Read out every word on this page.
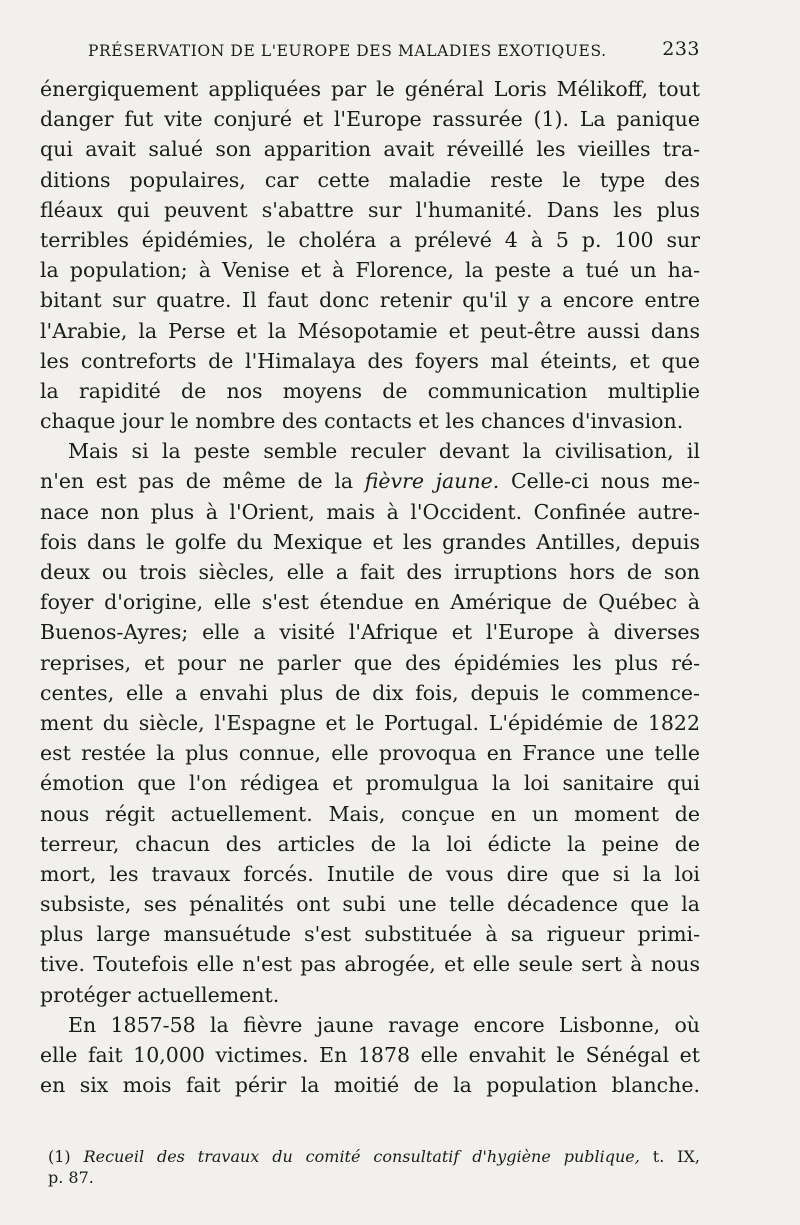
PRÉSERVATION DE L'EUROPE DES MALADIES EXOTIQUES.	233
énergiquement appliquées par le général Loris Mélikoff, tout
danger fut vite conjuré et l'Europe rassurée (1). La panique
qui avait salué son apparition avait réveillé les vieilles tra-
ditions populaires, car cette maladie reste le type des
fléaux qui peuvent s'abattre sur l'humanité. Dans les plus
terribles épidémies, le choléra a prélevé 4 à 5 p. 100 sur
la population; à Venise et à Florence, la peste a tué un ha-
bitant sur quatre. Il faut donc retenir qu'il y a encore entre
l'Arabie, la Perse et la Mésopotamie et peut-être aussi dans
les contreforts de l'Himalaya des foyers mal éteints, et que
la rapidité de nos moyens de communication multiplie
chaque jour le nombre des contacts et les chances d'invasion.
Mais si la peste semble reculer devant la civilisation, il
n'en est pas de même de la fièvre jaune. Celle-ci nous me-
nace non plus à l'Orient, mais à l'Occident. Confinée autre-
fois dans le golfe du Mexique et les grandes Antilles, depuis
deux ou trois siècles, elle a fait des irruptions hors de son
foyer d'origine, elle s'est étendue en Amérique de Québec à
Buenos-Ayres; elle a visité l'Afrique et l'Europe à diverses
reprises, et pour ne parler que des épidémies les plus ré-
centes, elle a envahi plus de dix fois, depuis le commence-
ment du siècle, l'Espagne et le Portugal. L'épidémie de 1822
est restée la plus connue, elle provoqua en France une telle
émotion que l'on rédigea et promulgua la loi sanitaire qui
nous régit actuellement. Mais, conçue en un moment de
terreur, chacun des articles de la loi édicte la peine de
mort, les travaux forcés. Inutile de vous dire que si la loi
subsiste, ses pénalités ont subi une telle décadence que la
plus large mansuétude s'est substituée à sa rigueur primi-
tive. Toutefois elle n'est pas abrogée, et elle seule sert à nous
protéger actuellement.
En 1857-58 la fièvre jaune ravage encore Lisbonne, où
elle fait 10,000 victimes. En 1878 elle envahit le Sénégal et
en six mois fait périr la moitié de la population blanche.
(1) Recueil des travaux du comité consultatif d'hygiène publique, t. IX,
p. 87.
